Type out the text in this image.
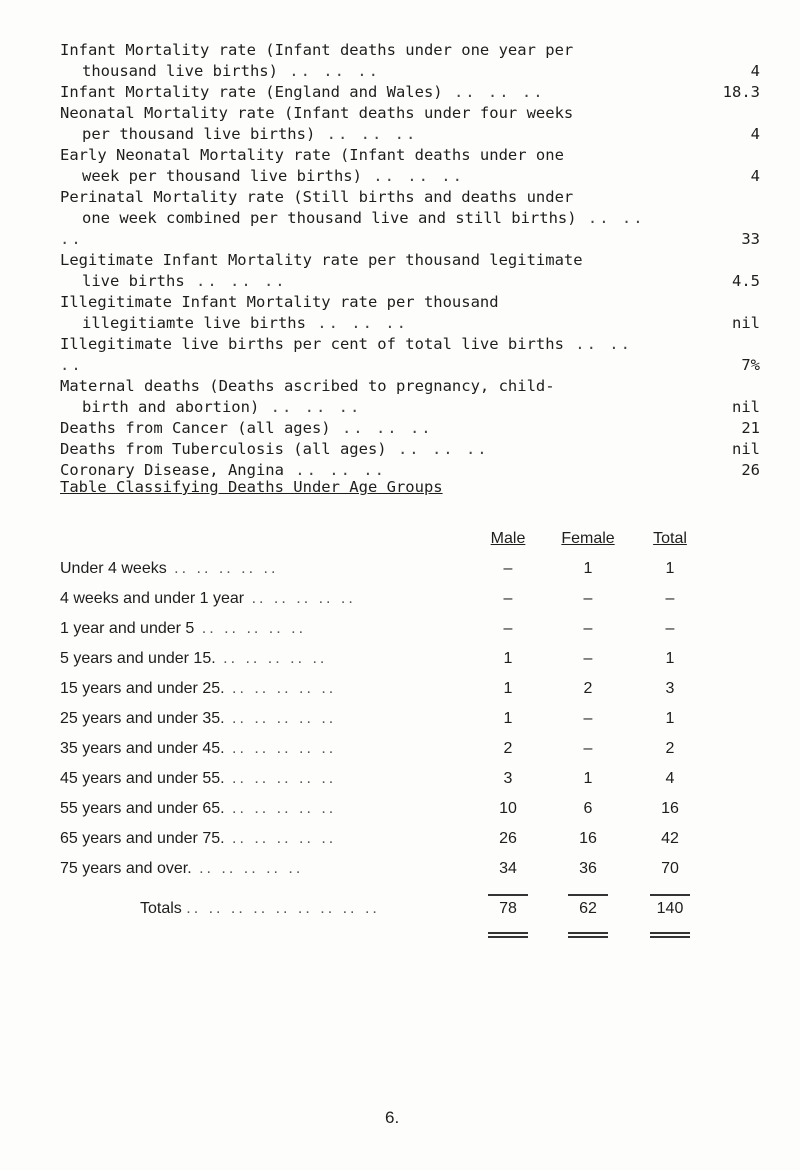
Infant Mortality rate (Infant deaths under one year per
thousand live births) .. .. ..	4
Infant Mortality rate (England and Wales) .. .. ..	18.3
Neonatal Mortality rate (Infant deaths under four weeks
per thousand live births) .. .. ..	4
Early Neonatal Mortality rate (Infant deaths under one
week per thousand live births) .. .. ..	4
Perinatal Mortality rate (Still births and deaths under
one week combined per thousand live and still births) .. .. ..	33
Legitimate Infant Mortality rate per thousand legitimate
live births .. .. ..	4.5
Illegitimate Infant Mortality rate per thousand
illegitiamte live births .. .. ..	nil
Illegitimate live births per cent of total live births .. .. ..	7%
Maternal deaths (Deaths ascribed to pregnancy, child-
birth and abortion) .. .. ..	nil
Deaths from Cancer (all ages) .. .. ..	21
Deaths from Tuberculosis (all ages) .. .. ..	nil
Coronary Disease, Angina .. .. ..	26
Table Classifying Deaths Under Age Groups
Male	Female	Total
Under 4 weeks .. .. .. .. ..	–	1	1
4 weeks and under 1 year .. .. .. .. ..	–	–	–
1 year and under 5 .. .. .. .. ..	–	–	–
5 years and under 15. .. .. .. .. ..	1	–	1
15 years and under 25. .. .. .. .. ..	1	2	3
25 years and under 35. .. .. .. .. ..	1	–	1
35 years and under 45. .. .. .. .. ..	2	–	2
45 years and under 55. .. .. .. .. ..	3	1	4
55 years and under 65. .. .. .. .. ..	10	6	16
65 years and under 75. .. .. .. .. ..	26	16	42
75 years and over. .. .. .. .. ..	34	36	70
Totals .. .. .. .. .. .. .. .. ..	78	62	140
6.
